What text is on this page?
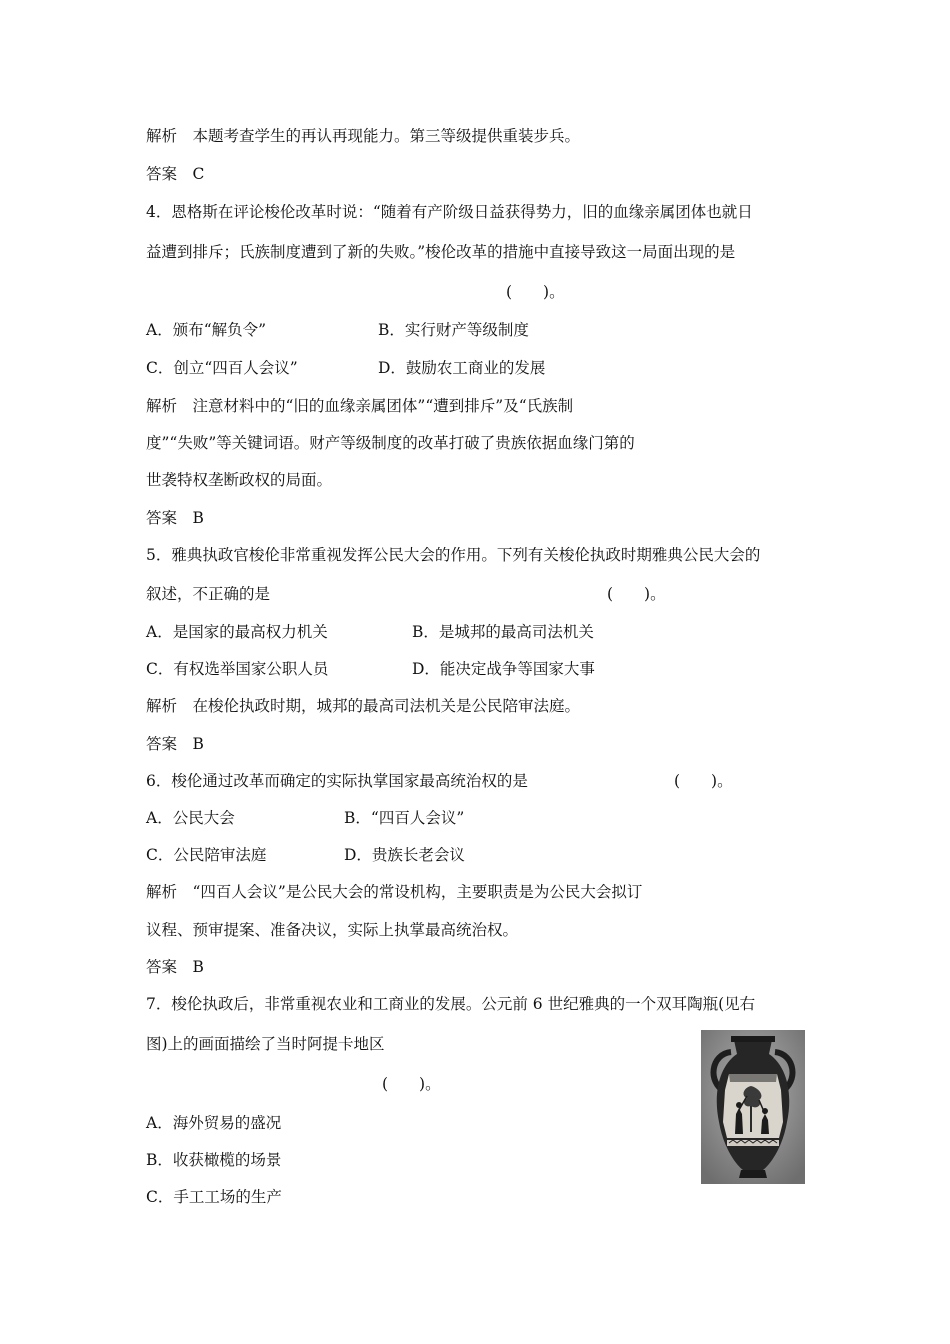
解析　本题考查学生的再认再现能力。第三等级提供重装步兵。
答案　C
4．恩格斯在评论梭伦改革时说：“随着有产阶级日益获得势力，旧的血缘亲属团体也就日
益遭到排斥；氏族制度遭到了新的失败。”梭伦改革的措施中直接导致这一局面出现的是
(　　)。
A．颁布“解负令”	B．实行财产等级制度
C．创立“四百人会议”	D．鼓励农工商业的发展
解析　注意材料中的“旧的血缘亲属团体”“遭到排斥”及“氏族制
度”“失败”等关键词语。财产等级制度的改革打破了贵族依据血缘门第的
世袭特权垄断政权的局面。
答案　B
5．雅典执政官梭伦非常重视发挥公民大会的作用。下列有关梭伦执政时期雅典公民大会的
叙述，不正确的是	(　　)。
A．是国家的最高权力机关	B．是城邦的最高司法机关
C．有权选举国家公职人员	D．能决定战争等国家大事
解析　在梭伦执政时期，城邦的最高司法机关是公民陪审法庭。
答案　B
6．梭伦通过改革而确定的实际执掌国家最高统治权的是	(　　)。
A．公民大会	B．“四百人会议”
C．公民陪审法庭	D．贵族长老会议
解析　“四百人会议”是公民大会的常设机构，主要职责是为公民大会拟订
议程、预审提案、准备决议，实际上执掌最高统治权。
答案　B
7．梭伦执政后，非常重视农业和工商业的发展。公元前 6 世纪雅典的一个双耳陶瓶(见右
图)上的画面描绘了当时阿提卡地区
(　　)。
A．海外贸易的盛况
B．收获橄榄的场景
C．手工工场的生产
